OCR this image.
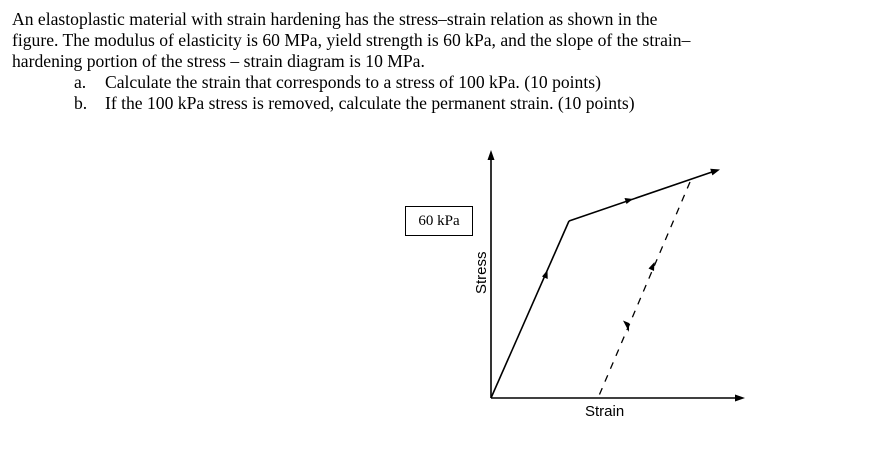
An elastoplastic material with strain hardening has the stress–strain relation as shown in the
figure. The modulus of elasticity is 60 MPa, yield strength is 60 kPa, and the slope of the strain–
hardening portion of the stress – strain diagram is 10 MPa.
a.	Calculate the strain that corresponds to a stress of 100 kPa. (10 points)
b.	If the 100 kPa stress is removed, calculate the permanent strain. (10 points)
Stress
Strain
60 kPa
